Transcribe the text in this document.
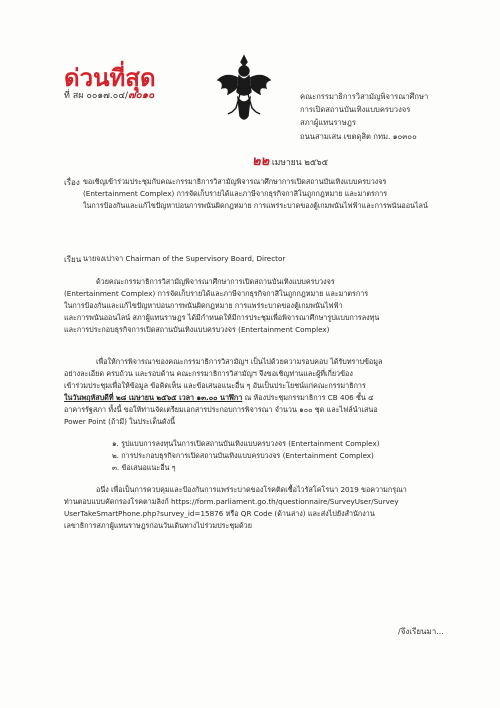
ด่วนที่สุด
ที่ สผ ๐๐๑๗.๐๔/๗๐๑๐	คณะกรรมาธิการวิสามัญพิจารณาศึกษา
การเปิดสถานบันเทิงแบบครบวงจร
สภาผู้แทนราษฎร
ถนนสามเสน เขตดุสิต กทม. ๑๐๓๐๐
๒๒ เมษายน ๒๕๖๕
เรื่อง ขอเชิญเข้าร่วมประชุมกับคณะกรรมาธิการวิสามัญพิจารณาศึกษาการเปิดสถานบันเทิงแบบครบวงจร
(Entertainment Complex) การจัดเก็บรายได้และภาษีจากธุรกิจกาสิโนถูกกฎหมาย และมาตรการ
ในการป้องกันและแก้ไขปัญหาบ่อนการพนันผิดกฎหมาย การแพร่ระบาดของตู้เกมพนันไฟฟ้าและการพนันออนไลน์
เรียน นายจงเปาจา Chairman of the Supervisory Board, Director
ด้วยคณะกรรมาธิการวิสามัญพิจารณาศึกษาการเปิดสถานบันเทิงแบบครบวงจร
(Entertainment Complex) การจัดเก็บรายได้และภาษีจากธุรกิจกาสิโนถูกกฎหมาย และมาตรการ
ในการป้องกันและแก้ไขปัญหาบ่อนการพนันผิดกฎหมาย การแพร่ระบาดของตู้เกมพนันไฟฟ้า
และการพนันออนไลน์ สภาผู้แทนราษฎร ได้มีกำหนดให้มีการประชุมเพื่อพิจารณาศึกษารูปแบบการลงทุน
และการประกอบธุรกิจการเปิดสถานบันเทิงแบบครบวงจร (Entertainment Complex)
เพื่อให้การพิจารณาของคณะกรรมาธิการวิสามัญฯ เป็นไปด้วยความรอบคอบ ได้รับทราบข้อมูล
อย่างละเอียด ครบถ้วน และรอบด้าน คณะกรรมาธิการวิสามัญฯ จึงขอเชิญท่านและผู้ที่เกี่ยวข้อง
เข้าร่วมประชุมเพื่อให้ข้อมูล ข้อคิดเห็น และข้อเสนอแนะอื่น ๆ อันเป็นประโยชน์แก่คณะกรรมาธิการ
ในวันพฤหัสบดีที่ ๒๘ เมษายน ๒๕๖๕ เวลา ๑๓.๐๐ นาฬิกา ณ ห้องประชุมกรรมาธิการ CB 406 ชั้น ๔
อาคารรัฐสภา ทั้งนี้ ขอให้ท่านจัดเตรียมเอกสารประกอบการพิจารณา จำนวน ๑๐๐ ชุด และไฟล์นำเสนอ
Power Point (ถ้ามี) ในประเด็นดังนี้
๑. รูปแบบการลงทุนในการเปิดสถานบันเทิงแบบครบวงจร (Entertainment Complex)
๒. การประกอบธุรกิจการเปิดสถานบันเทิงแบบครบวงจร (Entertainment Complex)
๓. ข้อเสนอแนะอื่น ๆ
อนึ่ง เพื่อเป็นการควบคุมและป้องกันการแพร่ระบาดของโรคติดเชื้อไวรัสโคโรนา 2019 ขอความกรุณา
ท่านตอบแบบคัดกรองโรคตามลิงก์ https://form.parliament.go.th/questionnaire/SurveyUser/Survey
UserTakeSmartPhone.php?survey_id=15876 หรือ QR Code (ด้านล่าง) และส่งไปยังสำนักงาน
เลขาธิการสภาผู้แทนราษฎรก่อนวันเดินทางไปร่วมประชุมด้วย
/จึงเรียนมา...
